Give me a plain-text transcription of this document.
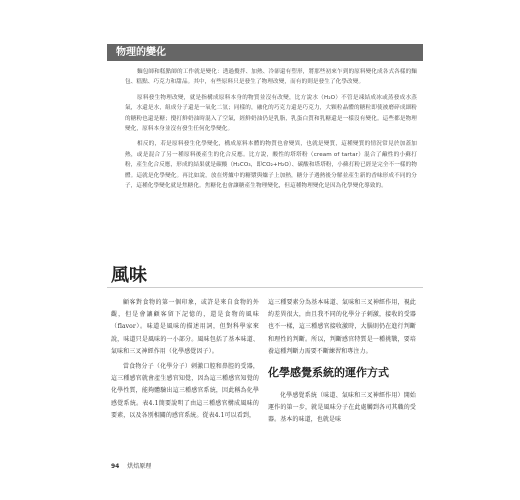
物理的變化

麵包師和糕點師的工作就是變化：透過攪拌、加熱、冷卻還有塑形，將那些初來乍到的原料變化成各式各樣的麵包、糕點、巧克力和甜品。其中，有些原料只是發生了物理改變，而有的則是發生了化學改變。

原料發生物理改變，就是指構成原料本身的物質並沒有改變，比方說水（H₂O）不管是凍結成冰或蒸發成水蒸氣，水還是水，組成分子還是一氧化二氫；同樣的，融化的巧克力還是巧克力，大顆粒晶體的糖粒即使被磨碎成細粉的糖粉也還是糖；攪打鮮奶油時混入了空氣，經鮮奶油仍是乳脂，乳蛋白質和乳糖還是一樣沒有變化。這些都是物理變化，原料本身並沒有發生任何化學變化。

相反的，若是原料發生化學變化，構成原料本體的物質也會變異，也就是變質，這種變質的情況常見於加蓋加熱，或是混合了另一種原料後產生的化合反應。比方說，酸性的塔塔粉（cream of tartar）混合了鹼性的小蘇打粉，產生化合反應，形成的結果就是碳酸（H₂CO₃，即CO₂+H₂O）、碳酸和塔塔粉，小蘇打粉已經是完全不一樣的物體。這就是化學變化。再比如說，放在烤爐中的糖漿與爐子上加熱，糖分子遇熱後分解並產生新的香味形成不同的分子，這種化學變化就是焦糖化。焦糖化也會讓糖產生物理變化，但這種物理變化是因為化學變化導致的。

風味

顧客對食物的第一個印象，或許是來自食物的外觀，但是會讓顧客留下記憶的，還是食物的風味（flavor）。味道是風味的描述用詞，但對科學家來說，味道只是風味的一小部分。風味包括了基本味道、氣味和三叉神經作用（化學感覺因子）。

當食物分子（化學分子）刺激口腔和鼻腔的受器，這三種感官就會產生感官知覺，因為這三種感官知覺的化學性質，能夠體驗出這三種感官系統，因此稱為化學感覺系統。表4.1簡要說明了由這三種感官構成風味的要素，以及各別相關的感官系統。從表4.1可以看到，

這三種要素分為基本味道、氣味和三叉神經作用，視此約差異很大，由且我不同的化學分子刺激，接收的受器也不一樣，這三種感官接收激時，大腦則仍在進行判斷和理性的判斷。所以，判斷感官特質是一種挑戰，要培養這種判斷力需要不斷練習和專注力。

化學感覺系統的運作方式

化學感覺系統（味道、氣味和三叉神經作用）開始運作的第一步，就是風味分子在此處觸到各司其職的受器。基本的味道，也就是味

94 烘焙原理
